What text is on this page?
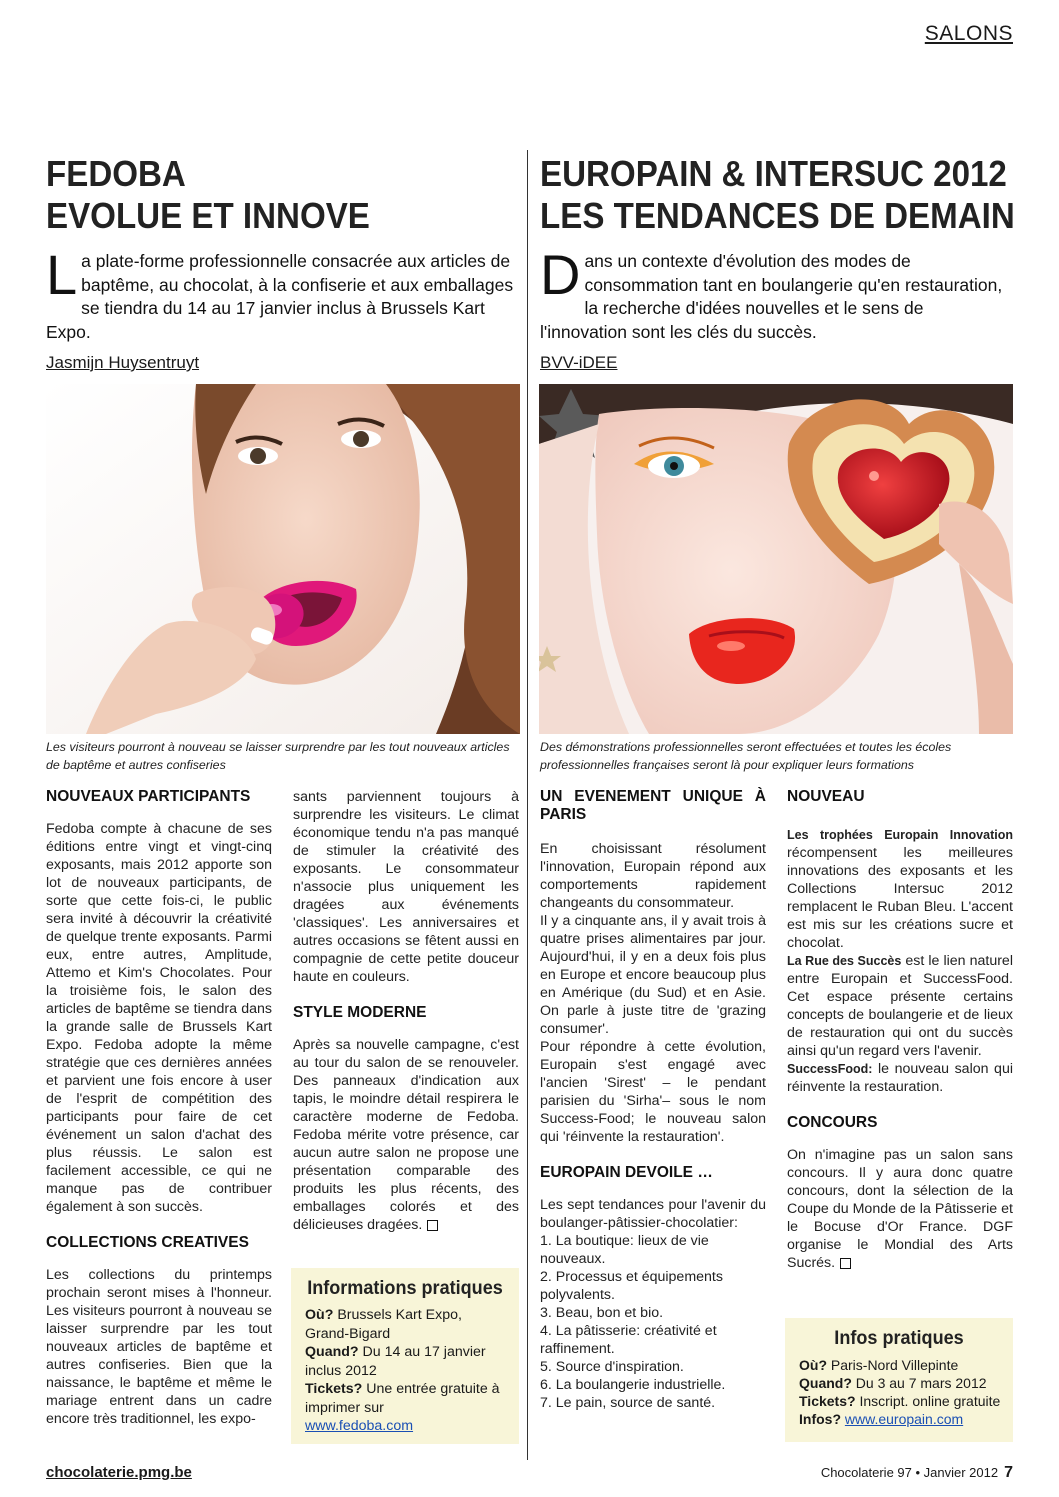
SALONS
FEDOBA
EVOLUE ET INNOVE
La plate-forme professionnelle consacrée aux articles de baptême, au chocolat, à la confiserie et aux emballages se tiendra du 14 au 17 janvier inclus à Brussels Kart Expo.
Jasmijn Huysentruyt
Les visiteurs pourront à nouveau se laisser surprendre par les tout nouveaux articles de baptême et autres confiseries
NOUVEAUX PARTICIPANTS

Fedoba compte à chacune de ses éditions entre vingt et vingt-cinq exposants, mais 2012 apporte son lot de nouveaux participants, de sorte que cette fois-ci, le public sera invité à découvrir la créativité de quelque trente exposants. Parmi eux, entre autres, Amplitude, Attemo et Kim's Chocolates. Pour la troisième fois, le salon des articles de baptême se tiendra dans la grande salle de Brussels Kart Expo. Fedoba adopte la même stratégie que ces dernières années et parvient une fois encore à user de l'esprit de compétition des participants pour faire de cet événement un salon d'achat des plus réussis. Le salon est facilement accessible, ce qui ne manque pas de contribuer également à son succès.

COLLECTIONS CREATIVES

Les collections du printemps prochain seront mises à l'honneur. Les visiteurs pourront à nouveau se laisser surprendre par les tout nouveaux articles de baptême et autres confiseries. Bien que la naissance, le baptême et même le mariage entrent dans un cadre encore très traditionnel, les expo-

sants parviennent toujours à surprendre les visiteurs. Le climat économique tendu n'a pas manqué de stimuler la créativité des exposants. Le consommateur n'associe plus uniquement les dragées aux événements 'classiques'. Les anniversaires et autres occasions se fêtent aussi en compagnie de cette petite douceur haute en couleurs.

STYLE MODERNE

Après sa nouvelle campagne, c'est au tour du salon de se renouveler. Des panneaux d'indication aux tapis, le moindre détail respirera le caractère moderne de Fedoba. Fedoba mérite votre présence, car aucun autre salon ne propose une présentation comparable des produits les plus récents, des emballages colorés et des délicieuses dragées.

Informations pratiques
Où? Brussels Kart Expo, Grand-Bigard
Quand? Du 14 au 17 janvier inclus 2012
Tickets? Une entrée gratuite à imprimer sur
www.fedoba.com
EUROPAIN & INTERSUC 2012
LES TENDANCES DE DEMAIN
Dans un contexte d'évolution des modes de consommation tant en boulangerie qu'en restauration, la recherche d'idées nouvelles et le sens de l'innovation sont les clés du succès.
BVV-iDEE
Des démonstrations professionnelles seront effectuées et toutes les écoles professionnelles françaises seront là pour expliquer leurs formations
UN EVENEMENT UNIQUE À PARIS

En choisissant résolument l'innovation, Europain répond aux comportements rapidement changeants du consommateur.

Il y a cinquante ans, il y avait trois à quatre prises alimentaires par jour. Aujourd'hui, il y en a deux fois plus en Europe et encore beaucoup plus en Amérique (du Sud) et en Asie. On parle à juste titre de 'grazing consumer'.

Pour répondre à cette évolution, Europain s'est engagé avec l'ancien 'Sirest' – le pendant parisien du 'Sirha'– sous le nom Success-Food; le nouveau salon qui 'réinvente la restauration'.

EUROPAIN DEVOILE …

Les sept tendances pour l'avenir du boulanger-pâtissier-chocolatier:

1. La boutique: lieux de vie nouveaux.
2. Processus et équipements polyvalents.
3. Beau, bon et bio.
4. La pâtisserie: créativité et raffinement.
5. Source d'inspiration.
6. La boulangerie industrielle.
7. Le pain, source de santé.
NOUVEAU

Les trophées Europain Innovation récompensent les meilleures innovations des exposants et les Collections Intersuc 2012 remplacent le Ruban Bleu. L'accent est mis sur les créations sucre et chocolat.

La Rue des Succès est le lien naturel entre Europain et SuccessFood. Cet espace présente certains concepts de boulangerie et de lieux de restauration qui ont du succès ainsi qu'un regard vers l'avenir.

SuccessFood: le nouveau salon qui réinvente la restauration.

CONCOURS

On n'imagine pas un salon sans concours. Il y aura donc quatre concours, dont la sélection de la Coupe du Monde de la Pâtisserie et le Bocuse d'Or France. DGF organise le Mondial des Arts Sucrés.

Infos pratiques
Où? Paris-Nord Villepinte
Quand? Du 3 au 7 mars 2012
Tickets? Inscript. online gratuite
Infos? www.europain.com
chocolaterie.pmg.be	Chocolaterie 97 • Janvier 2012 7
